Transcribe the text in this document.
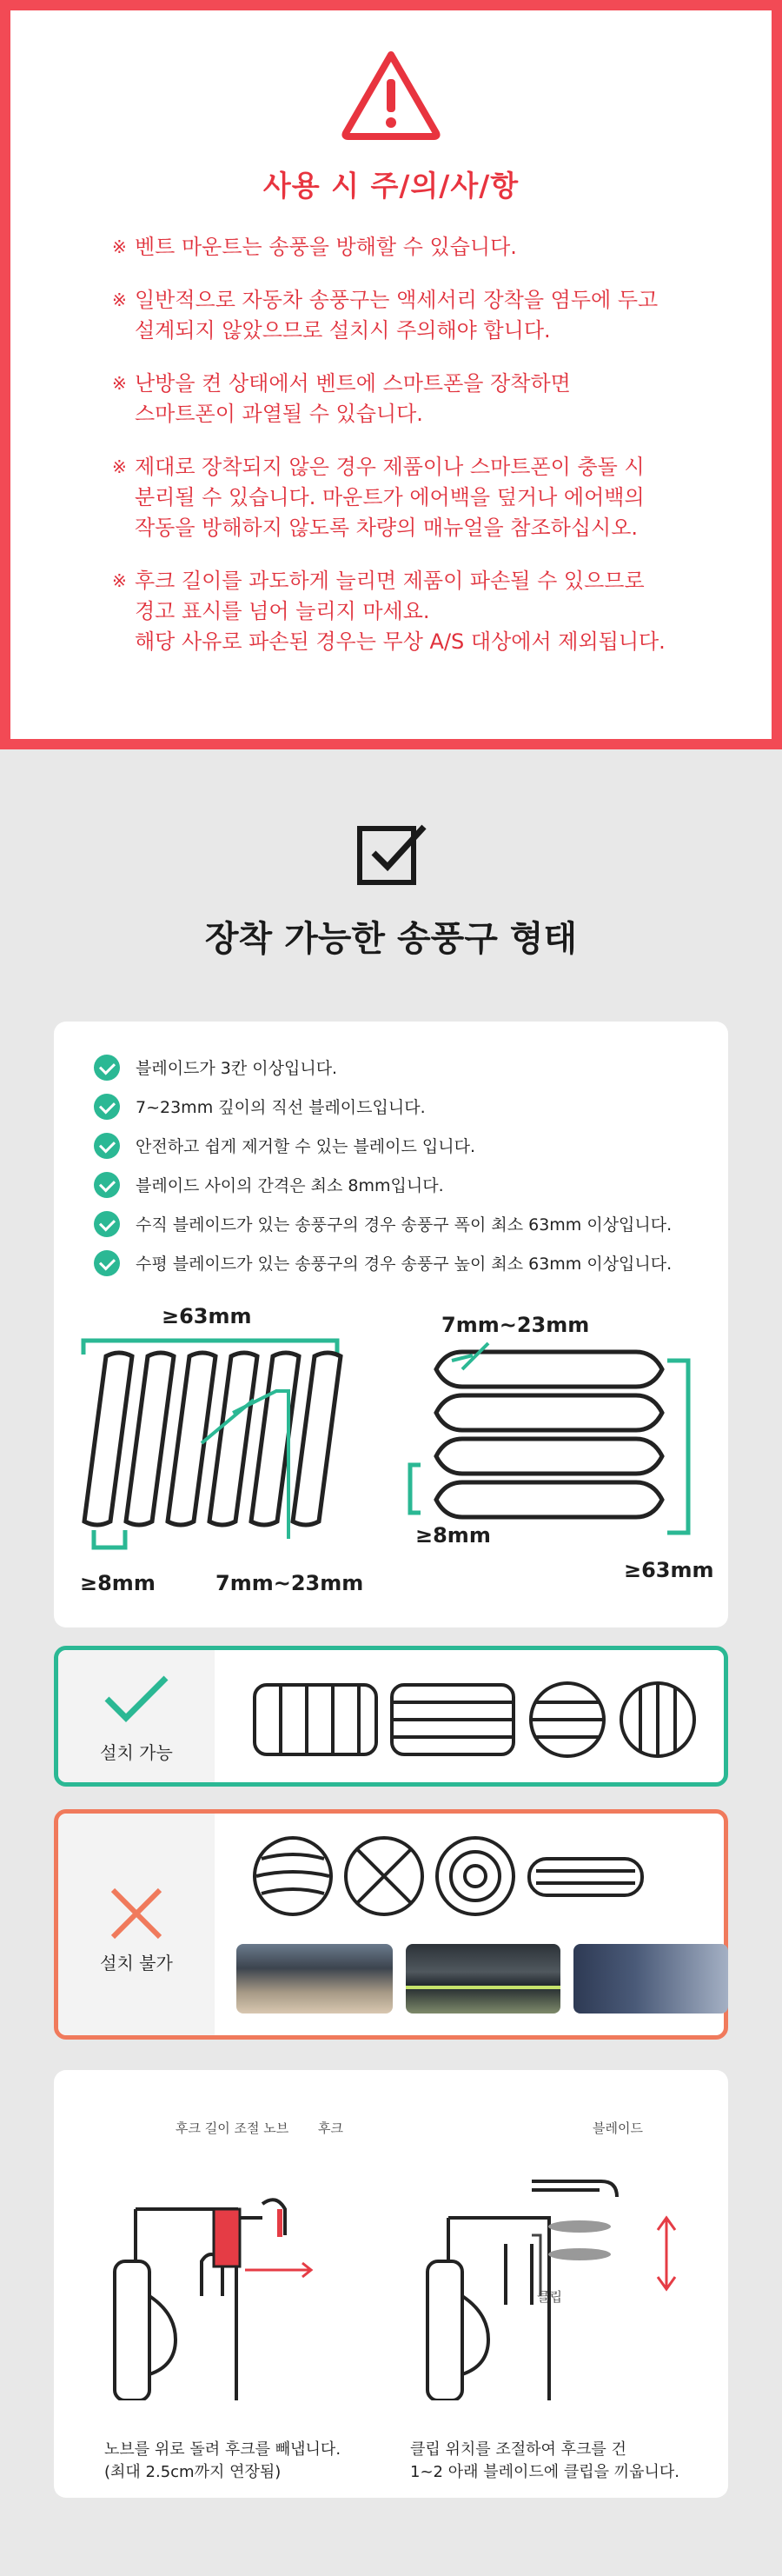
사용 시 주/의/사/항
※ 벤트 마운트는 송풍을 방해할 수 있습니다.

※ 일반적으로 자동차 송풍구는 액세서리 장착을 염두에 두고

설계되지 않았으므로 설치시 주의해야 합니다.

※ 난방을 켠 상태에서 벤트에 스마트폰을 장착하면

스마트폰이 과열될 수 있습니다.

※ 제대로 장착되지 않은 경우 제품이나 스마트폰이 충돌 시

분리될 수 있습니다. 마운트가 에어백을 덮거나 에어백의

작동을 방해하지 않도록 차량의 매뉴얼을 참조하십시오.

※ 후크 길이를 과도하게 늘리면 제품이 파손될 수 있으므로

경고 표시를 넘어 늘리지 마세요.

해당 사유로 파손된 경우는 무상 A/S 대상에서 제외됩니다.

장착 가능한 송풍구 형태
블레이드가 3칸 이상입니다.
7~23mm 깊이의 직선 블레이드입니다.
안전하고 쉽게 제거할 수 있는 블레이드 입니다.
블레이드 사이의 간격은 최소 8mm입니다.
수직 블레이드가 있는 송풍구의 경우 송풍구 폭이 최소 63mm 이상입니다.
수평 블레이드가 있는 송풍구의 경우 송풍구 높이 최소 63mm 이상입니다.
≥63mm
≥8mm	7mm~23mm
7mm~23mm
≥8mm
≥63mm
설치 가능
설치 불가
후크 길이 조절 노브 후크	블레이드
클립
노브를 위로 돌려 후크를 빼냅니다.
(최대 2.5cm까지 연장됨)
클립 위치를 조절하여 후크를 건
1~2 아래 블레이드에 클립을 끼웁니다.
